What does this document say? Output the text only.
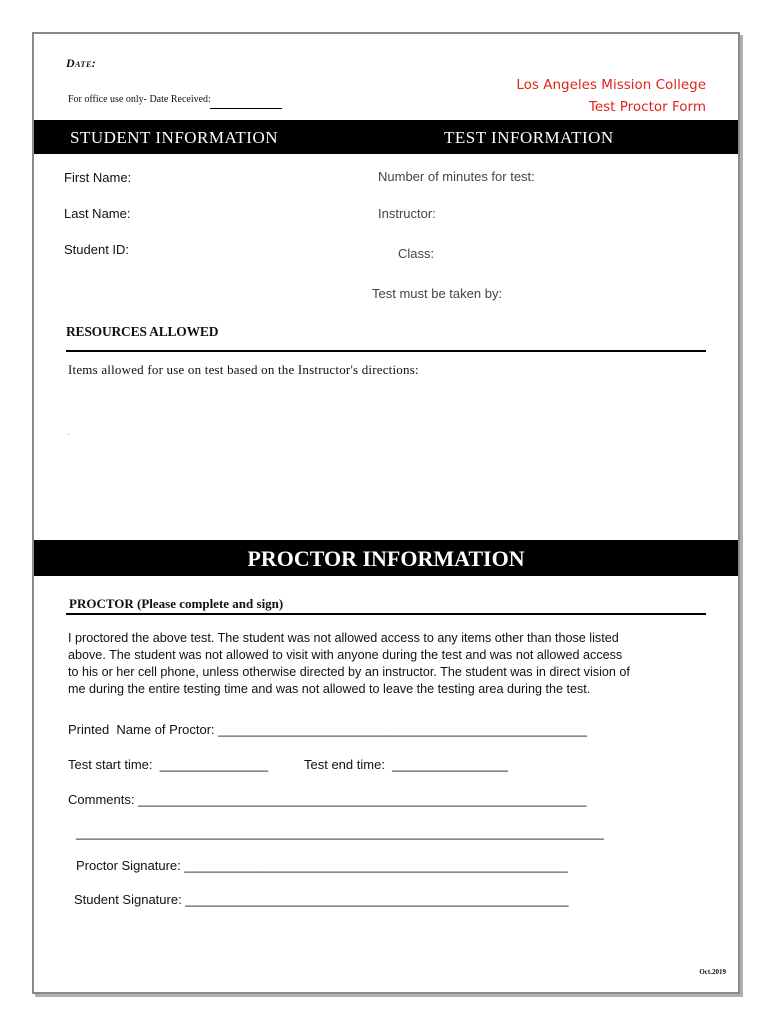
Date:
For office use only- Date Received:
Los Angeles Mission College
Test Proctor Form
STUDENT INFORMATION	TEST INFORMATION
First Name:
Last Name:
Student ID:
Number of minutes for test:
Instructor:
Class:
Test must be taken by:
RESOURCES ALLOWED
Items allowed for use on test based on the Instructor's directions:
PROCTOR INFORMATION
PROCTOR (Please complete and sign)
I proctored the above test. The student was not allowed access to any items other than those listed
above. The student was not allowed to visit with anyone during the test and was not allowed access
to his or her cell phone, unless otherwise directed by an instructor. The student was in direct vision of
me during the entire testing time and was not allowed to leave the testing area during the test.
Printed  Name of Proctor: ___________________________________________________
Test start time:  _______________	Test end time:  ________________
Comments: ______________________________________________________________
_________________________________________________________________________
Proctor Signature: _____________________________________________________
Student Signature: _____________________________________________________
Oct.2019
